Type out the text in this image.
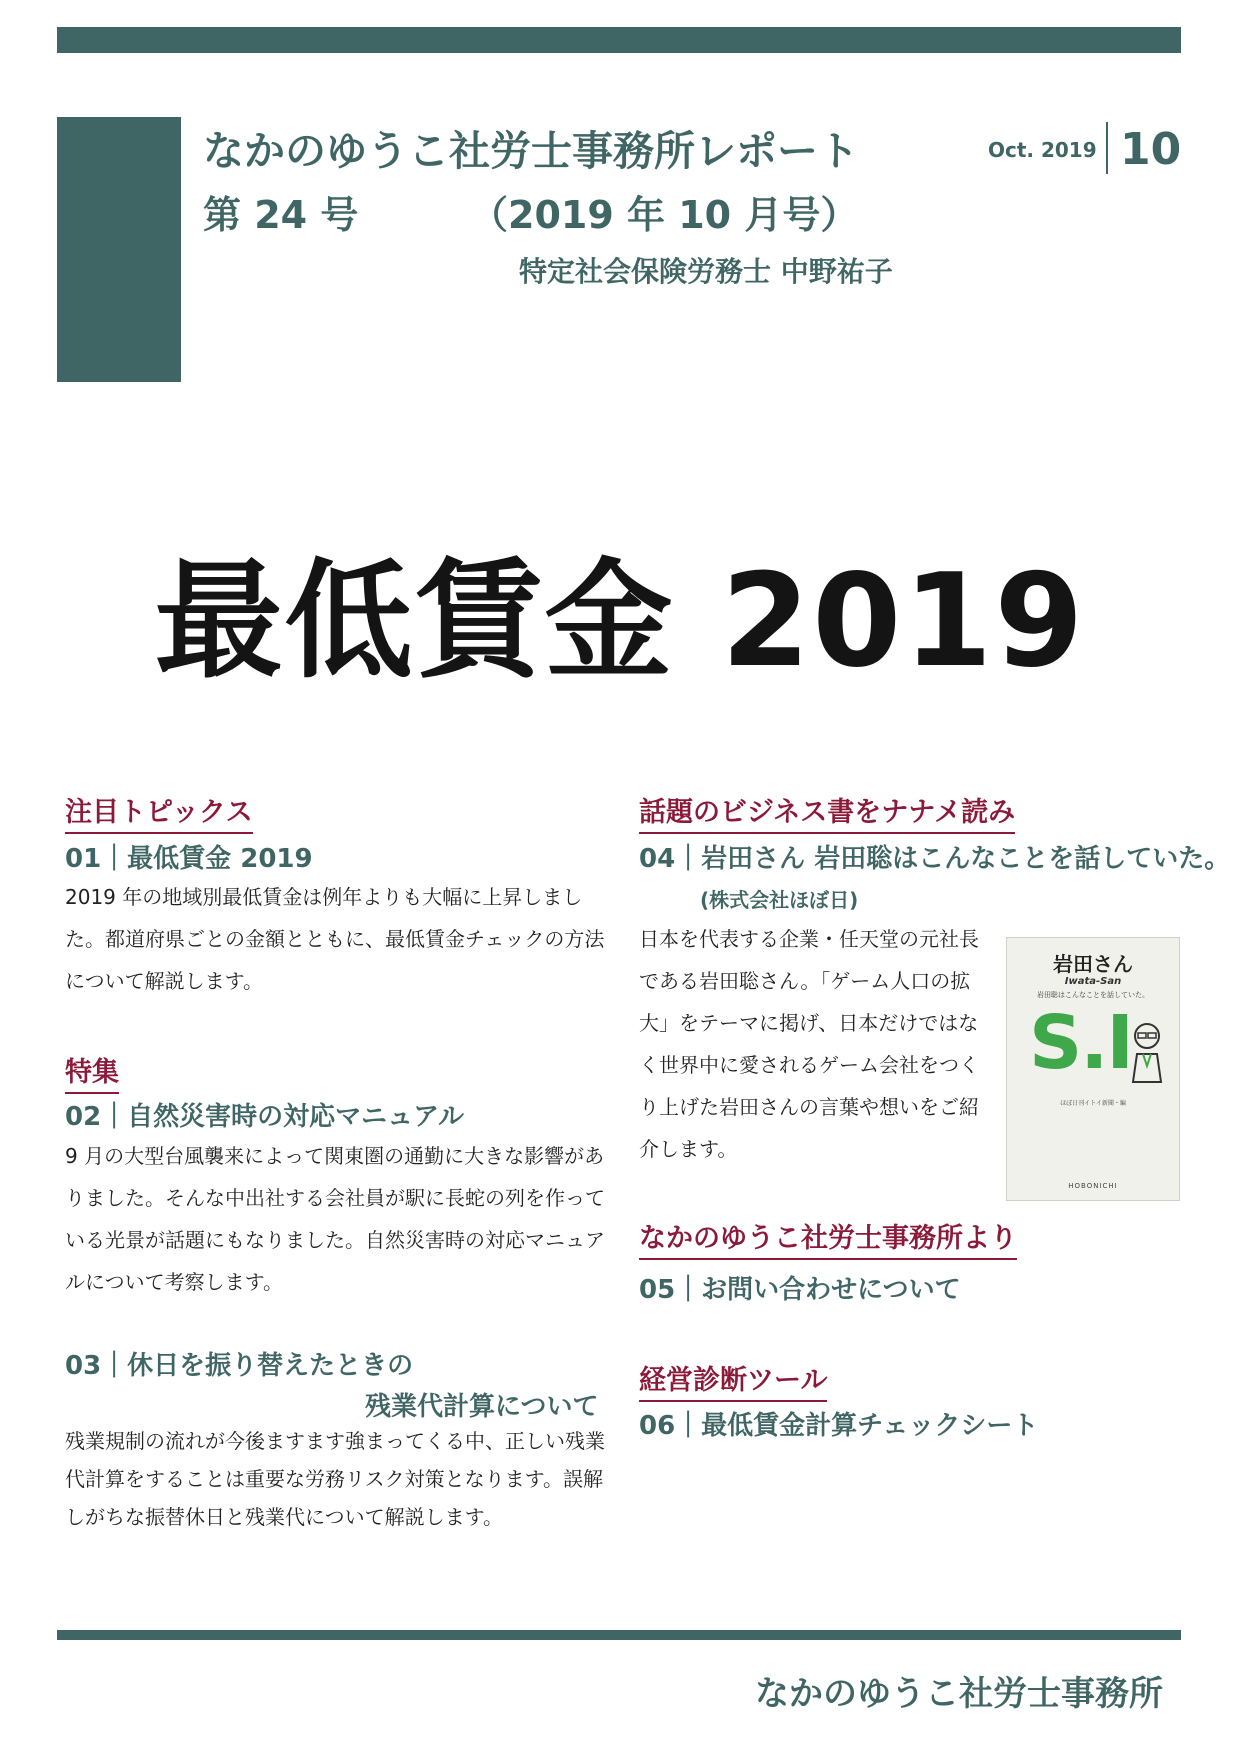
なかのゆうこ社労士事務所レポート
第 24 号	（2019 年 10 月号）
特定社会保険労務士 中野祐子
Oct. 2019 10
最低賃金 2019
注目トピックス
01｜最低賃金 2019
2019 年の地域別最低賃金は例年よりも大幅に上昇しました。都道府県ごとの金額とともに、最低賃金チェックの方法について解説します。
特集
02｜自然災害時の対応マニュアル
9 月の大型台風襲来によって関東圏の通勤に大きな影響がありました。そんな中出社する会社員が駅に長蛇の列を作っている光景が話題にもなりました。自然災害時の対応マニュアルについて考察します。
03｜休日を振り替えたときの
残業代計算について
残業規制の流れが今後ますます強まってくる中、正しい残業代計算をすることは重要な労務リスク対策となります。誤解しがちな振替休日と残業代について解説します。
話題のビジネス書をナナメ読み
04｜岩田さん 岩田聡はこんなことを話していた。
(株式会社ほぼ日)
日本を代表する企業・任天堂の元社長である岩田聡さん。「ゲーム人口の拡大」をテーマに掲げ、日本だけではなく世界中に愛されるゲーム会社をつくり上げた岩田さんの言葉や想いをご紹介します。
岩田さん
Iwata-San
岩田聡はこんなことを話していた。
S.I
ほぼ日刊イトイ新聞・編
HOBONICHI
なかのゆうこ社労士事務所より
05｜お問い合わせについて
経営診断ツール
06｜最低賃金計算チェックシート
なかのゆうこ社労士事務所
